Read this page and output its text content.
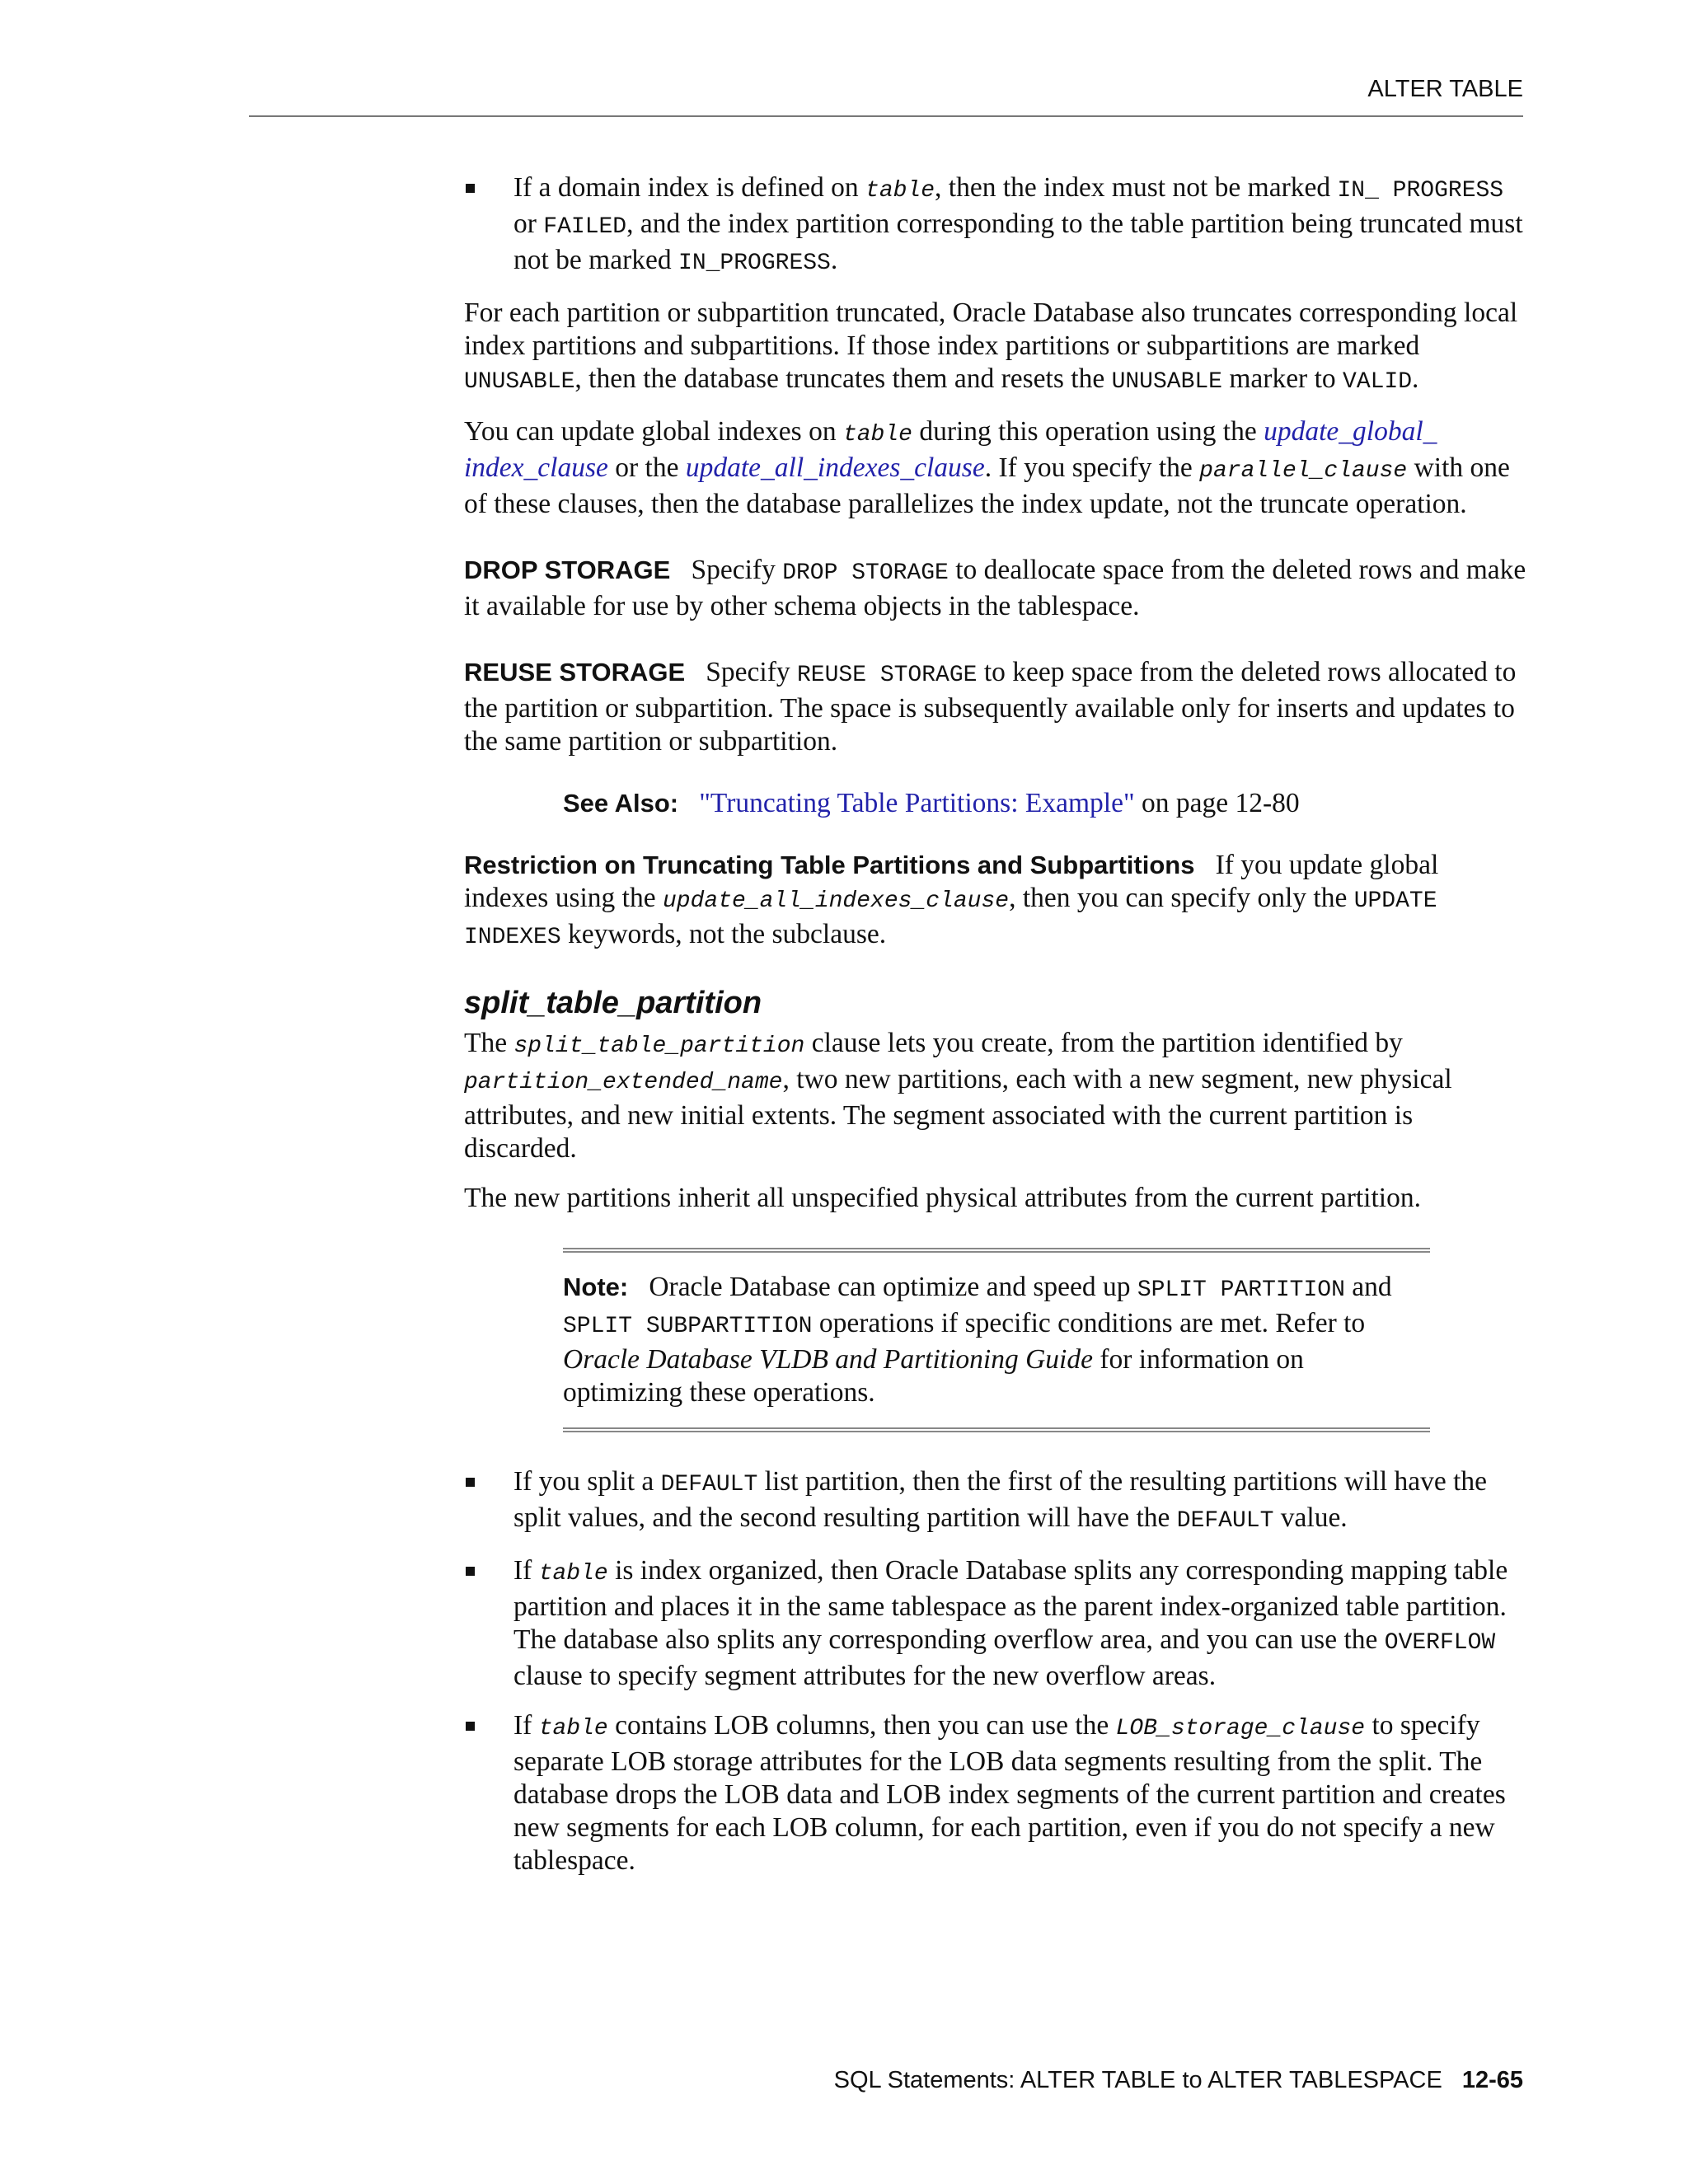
ALTER TABLE
If a domain index is defined on table, then the index must not be marked IN_ PROGRESS or FAILED, and the index partition corresponding to the table partition being truncated must not be marked IN_PROGRESS.

For each partition or subpartition truncated, Oracle Database also truncates corresponding local index partitions and subpartitions. If those index partitions or subpartitions are marked UNUSABLE, then the database truncates them and resets the UNUSABLE marker to VALID.

You can update global indexes on table during this operation using the update_global_ index_clause or the update_all_indexes_clause. If you specify the parallel_clause with one of these clauses, then the database parallelizes the index update, not the truncate operation.

DROP STORAGE Specify DROP STORAGE to deallocate space from the deleted rows and make it available for use by other schema objects in the tablespace.

REUSE STORAGE Specify REUSE STORAGE to keep space from the deleted rows allocated to the partition or subpartition. The space is subsequently available only for inserts and updates to the same partition or subpartition.

See Also: "Truncating Table Partitions: Example" on page 12-80

Restriction on Truncating Table Partitions and Subpartitions If you update global indexes using the update_all_indexes_clause, then you can specify only the UPDATE INDEXES keywords, not the subclause.

split_table_partition

The split_table_partition clause lets you create, from the partition identified by partition_extended_name, two new partitions, each with a new segment, new physical attributes, and new initial extents. The segment associated with the current partition is discarded.

The new partitions inherit all unspecified physical attributes from the current partition.

Note: Oracle Database can optimize and speed up SPLIT PARTITION and SPLIT SUBPARTITION operations if specific conditions are met. Refer to Oracle Database VLDB and Partitioning Guide for information on optimizing these operations.

If you split a DEFAULT list partition, then the first of the resulting partitions will have the split values, and the second resulting partition will have the DEFAULT value.
If table is index organized, then Oracle Database splits any corresponding mapping table partition and places it in the same tablespace as the parent index-organized table partition. The database also splits any corresponding overflow area, and you can use the OVERFLOW clause to specify segment attributes for the new overflow areas.
If table contains LOB columns, then you can use the LOB_storage_clause to specify separate LOB storage attributes for the LOB data segments resulting from the split. The database drops the LOB data and LOB index segments of the current partition and creates new segments for each LOB column, for each partition, even if you do not specify a new tablespace.
SQL Statements: ALTER TABLE to ALTER TABLESPACE 12-65
